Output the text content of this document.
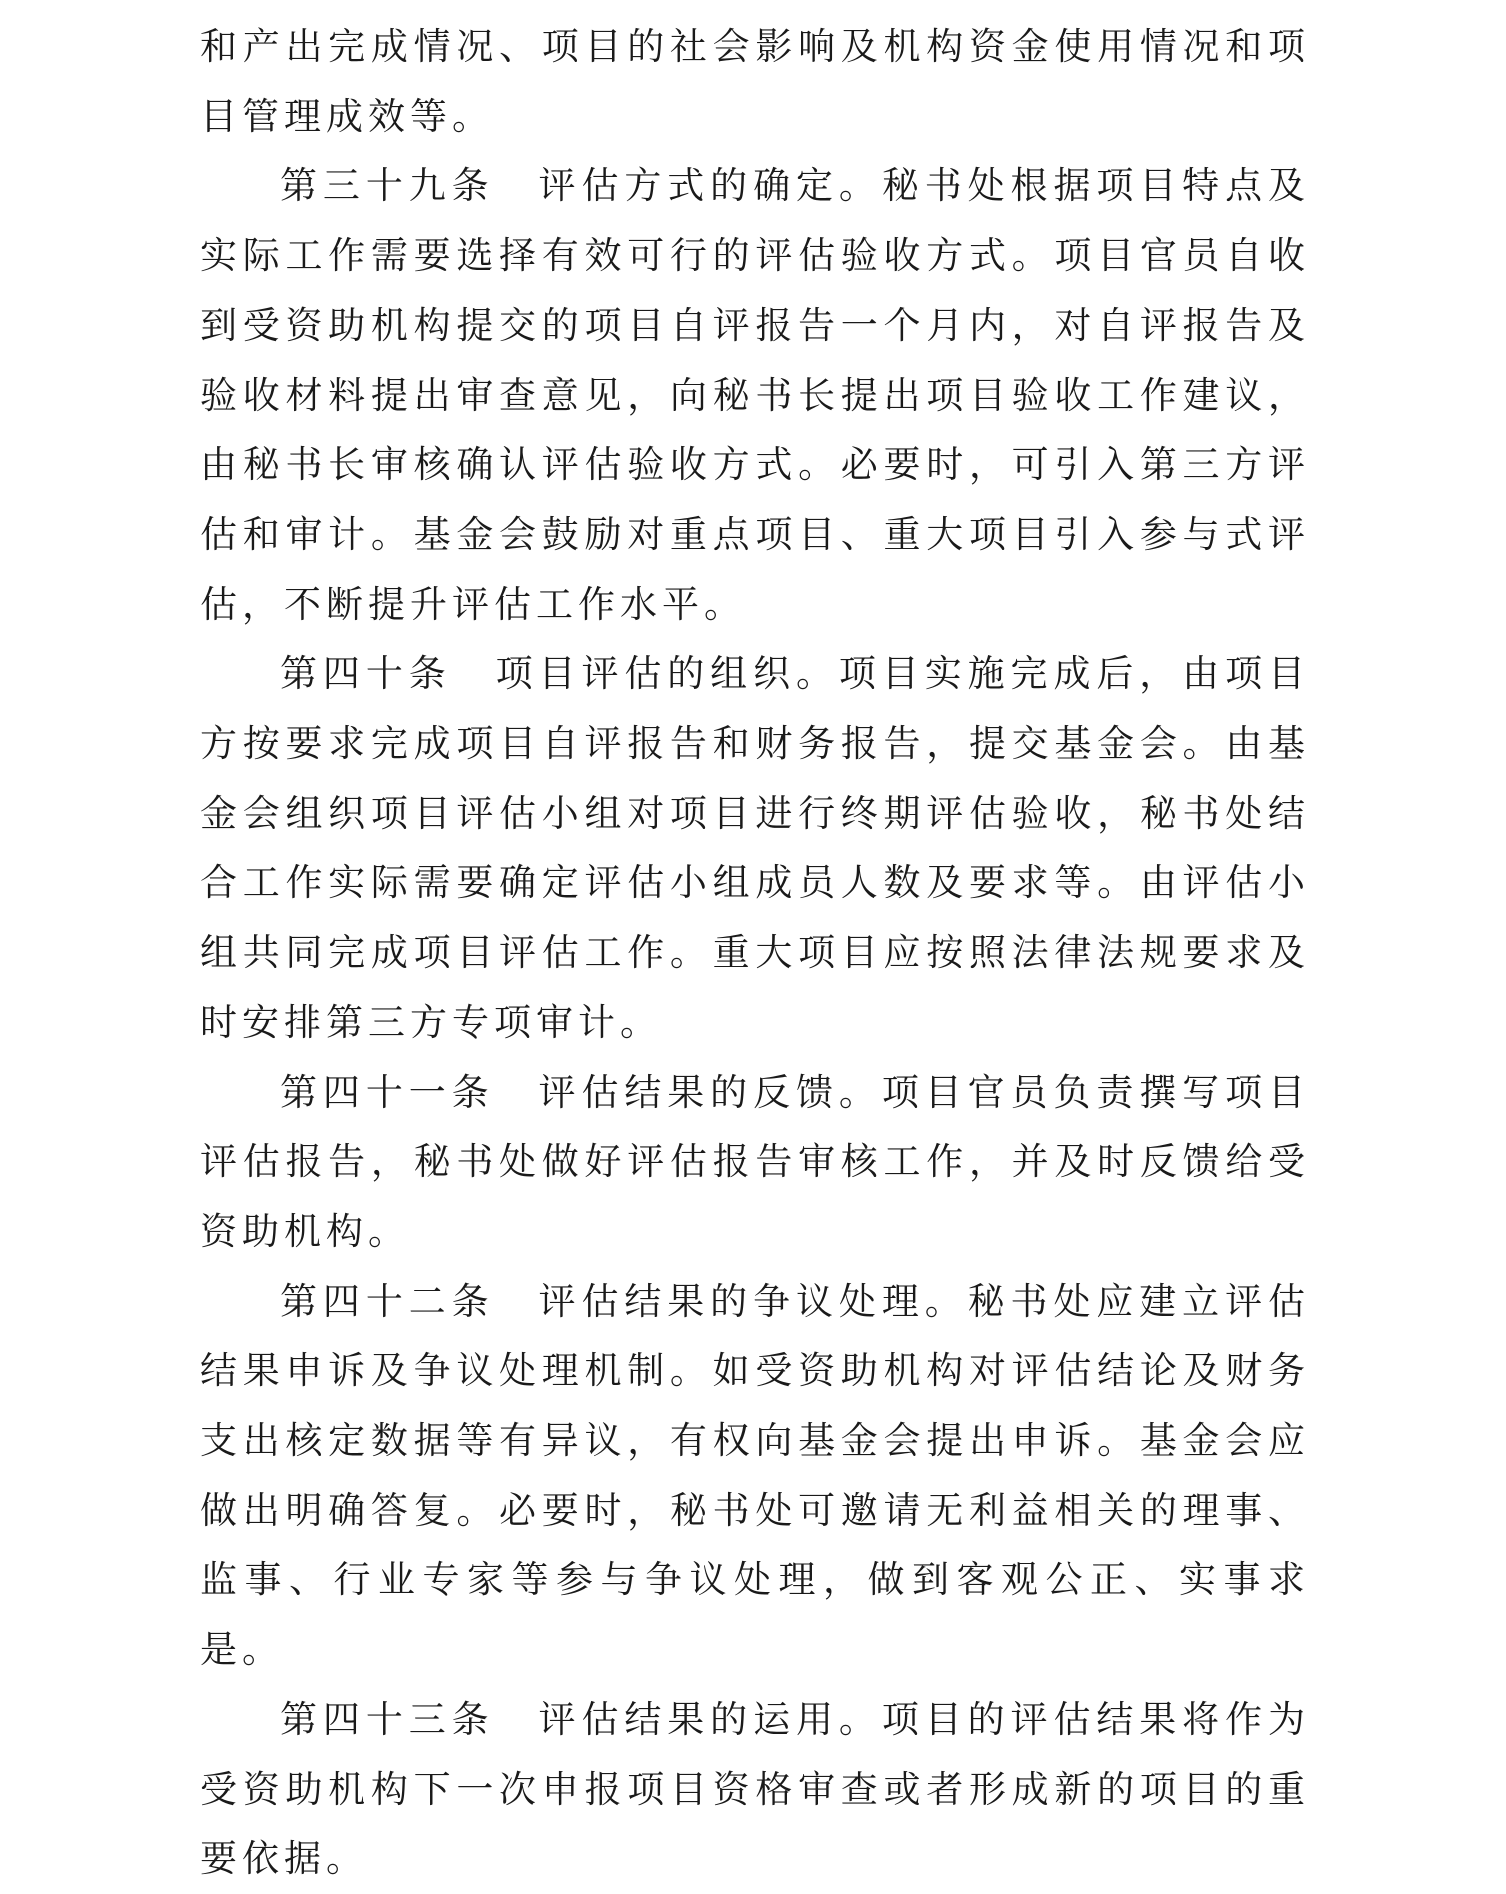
和产出完成情况、项目的社会影响及机构资金使用情况和项目管理成效等。

第三十九条 评估方式的确定。秘书处根据项目特点及实际工作需要选择有效可行的评估验收方式。项目官员自收到受资助机构提交的项目自评报告一个月内，对自评报告及验收材料提出审查意见，向秘书长提出项目验收工作建议，由秘书长审核确认评估验收方式。必要时，可引入第三方评估和审计。基金会鼓励对重点项目、重大项目引入参与式评估，不断提升评估工作水平。

第四十条 项目评估的组织。项目实施完成后，由项目方按要求完成项目自评报告和财务报告，提交基金会。由基金会组织项目评估小组对项目进行终期评估验收，秘书处结合工作实际需要确定评估小组成员人数及要求等。由评估小组共同完成项目评估工作。重大项目应按照法律法规要求及时安排第三方专项审计。

第四十一条 评估结果的反馈。项目官员负责撰写项目评估报告，秘书处做好评估报告审核工作，并及时反馈给受资助机构。

第四十二条 评估结果的争议处理。秘书处应建立评估结果申诉及争议处理机制。如受资助机构对评估结论及财务支出核定数据等有异议，有权向基金会提出申诉。基金会应做出明确答复。必要时，秘书处可邀请无利益相关的理事、监事、行业专家等参与争议处理，做到客观公正、实事求是。

第四十三条 评估结果的运用。项目的评估结果将作为受资助机构下一次申报项目资格审查或者形成新的项目的重要依据。
